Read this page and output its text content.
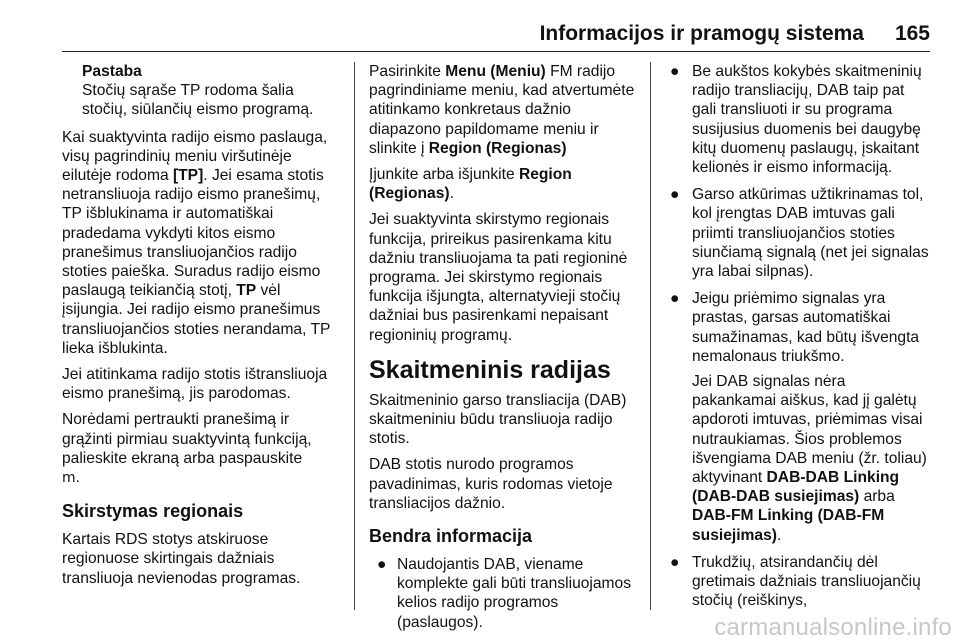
Informacijos ir pramogų sistema 165
Pastaba
Stočių sąraše TP rodoma šalia stočių, siūlančių eismo programą.

Kai suaktyvinta radijo eismo paslauga, visų pagrindinių meniu viršutinėje eilutėje rodoma [TP]. Jei esama stotis netransliuoja radijo eismo pranešimų, TP išblukinama ir automatiškai pradedama vykdyti kitos eismo pranešimus transliuojančios radijo stoties paieška. Suradus radijo eismo paslaugą teikiančią stotį, TP vėl įsijungia. Jei radijo eismo pranešimus transliuojančios stoties nerandama, TP lieka išblukinta.

Jei atitinkama radijo stotis ištransliuoja eismo pranešimą, jis parodomas.

Norėdami pertraukti pranešimą ir grąžinti pirmiau suaktyvintą funkciją, palieskite ekraną arba paspauskite
m.

Skirstymas regionais

Kartais RDS stotys atskiruose regionuose skirtingais dažniais transliuoja nevienodas programas.

Pasirinkite Menu (Meniu) FM radijo pagrindiniame meniu, kad atvertumėte atitinkamo konkretaus dažnio diapazono papildomame meniu ir slinkite į Region (Regionas)

Įjunkite arba išjunkite Region (Regionas).

Jei suaktyvinta skirstymo regionais funkcija, prireikus pasirenkama kitu dažniu transliuojama ta pati regioninė programa. Jei skirstymo regionais funkcija išjungta, alternatyvieji stočių dažniai bus pasirenkami nepaisant regioninių programų.

Skaitmeninis radijas

Skaitmeninio garso transliacija (DAB) skaitmeniniu būdu transliuoja radijo stotis.

DAB stotis nurodo programos pavadinimas, kuris rodomas vietoje transliacijos dažnio.

Bendra informacija
● Naudojantis DAB, viename komplekte gali būti transliuojamos kelios radijo programos (paslaugos).
● Be aukštos kokybės skaitmeninių radijo transliacijų, DAB taip pat gali transliuoti ir su programa susijusius duomenis bei daugybę kitų duomenų paslaugų, įskaitant kelionės ir eismo informaciją.
● Garso atkūrimas užtikrinamas tol, kol įrengtas DAB imtuvas gali priimti transliuojančios stoties siunčiamą signalą (net jei signalas yra labai silpnas).
● Jeigu priėmimo signalas yra prastas, garsas automatiškai sumažinamas, kad būtų išvengta nemalonaus triukšmo.
Jei DAB signalas nėra pakankamai aiškus, kad jį galėtų apdoroti imtuvas, priėmimas visai nutraukiamas. Šios problemos išvengiama DAB meniu (žr. toliau) aktyvinant DAB-DAB Linking (DAB-DAB susiejimas) arba DAB-FM Linking (DAB-FM susiejimas).
● Trukdžių, atsirandančių dėl gretimais dažniais transliuojančių stočių (reiškinys,
carmanualsonline.info
